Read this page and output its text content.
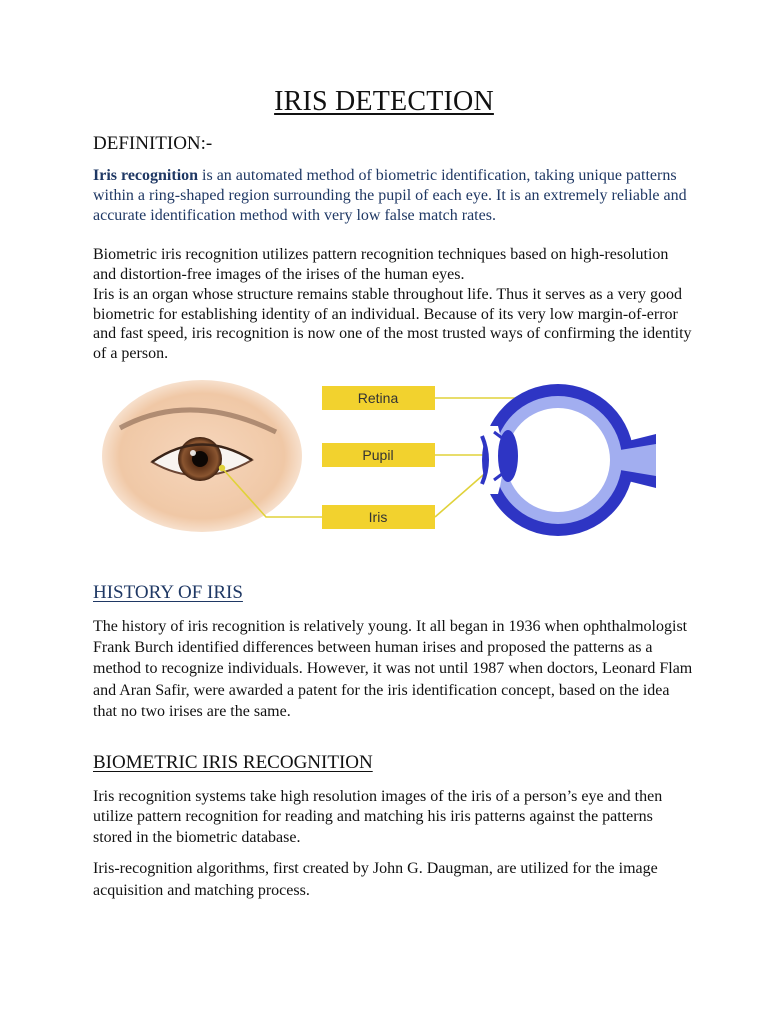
IRIS DETECTION
DEFINITION:-
Iris recognition is an automated method of biometric identification, taking unique patterns within a ring-shaped region surrounding the pupil of each eye. It is an extremely reliable and accurate identification method with very low false match rates.
Biometric iris recognition utilizes pattern recognition techniques based on high-resolution and distortion-free images of the irises of the human eyes.
Iris is an organ whose structure remains stable throughout life. Thus it serves as a very good biometric for establishing identity of an individual. Because of its very low margin-of-error and fast speed, iris recognition is now one of the most trusted ways of confirming the identity of a person.
Retina
Pupil
Iris
HISTORY OF IRIS
The history of iris recognition is relatively young. It all began in 1936 when ophthalmologist Frank Burch identified differences between human irises and proposed the patterns as a method to recognize individuals. However, it was not until 1987 when doctors, Leonard Flam and Aran Safir, were awarded a patent for the iris identification concept, based on the idea that no two irises are the same.
BIOMETRIC IRIS RECOGNITION
Iris recognition systems take high resolution images of the iris of a person’s eye and then utilize pattern recognition for reading and matching his iris patterns against the patterns stored in the biometric database.
Iris-recognition algorithms, first created by John G. Daugman, are utilized for the image acquisition and matching process.
